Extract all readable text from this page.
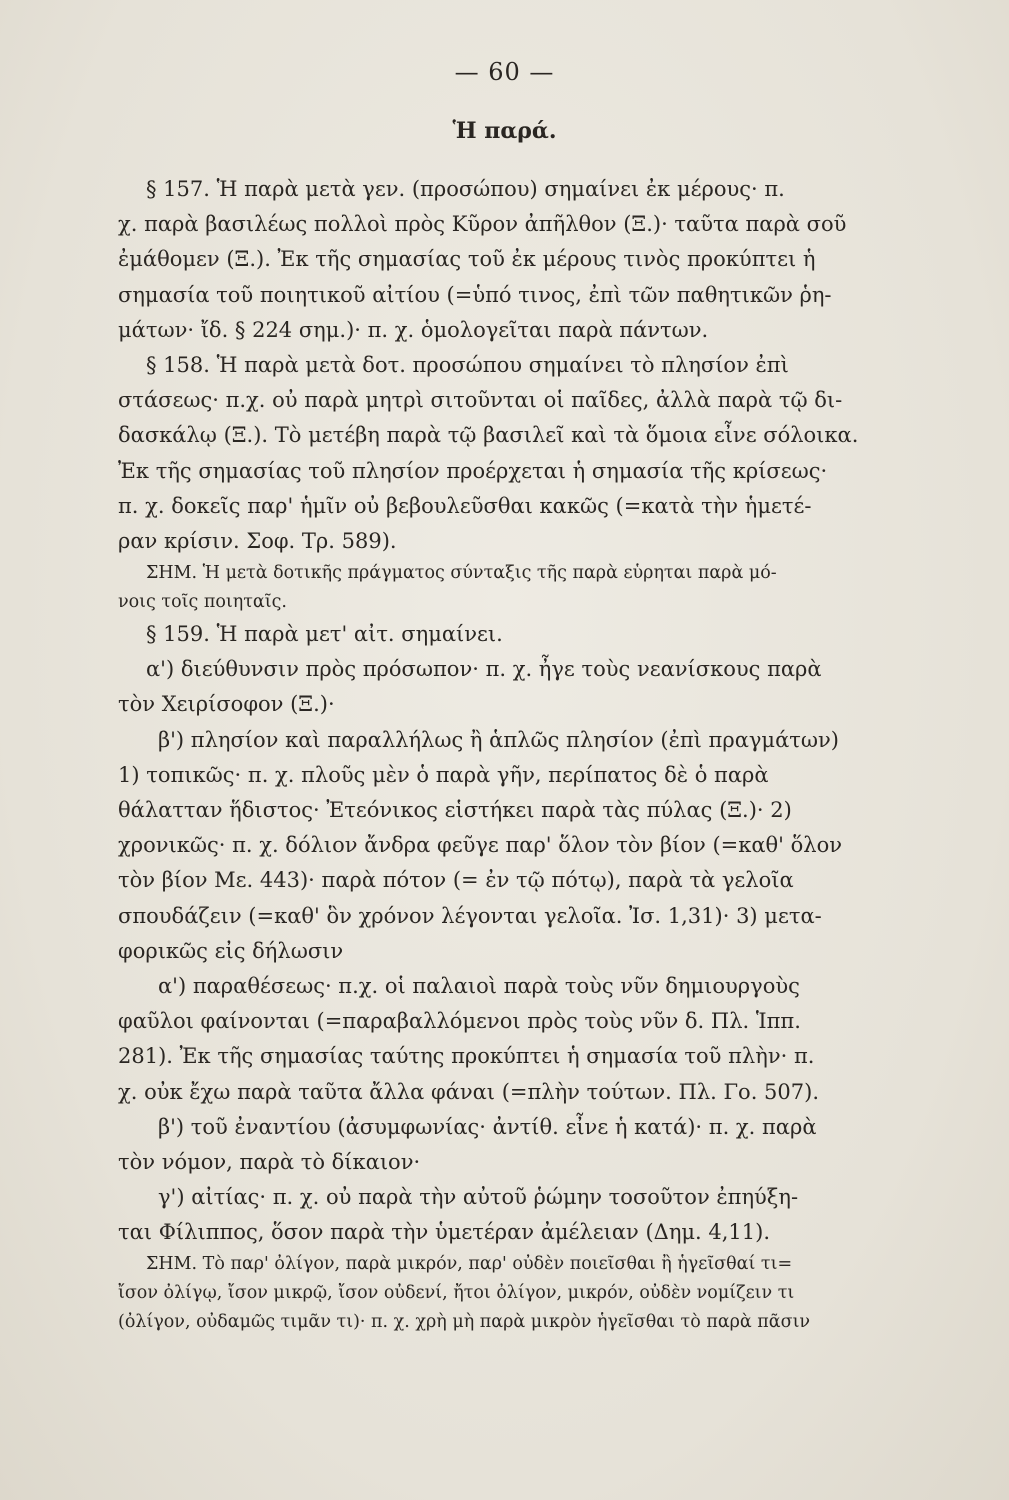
— 60 —
Ἡ παρά.
§ 157. Ἡ παρὰ μετὰ γεν. (προσώπου) σημαίνει ἐκ μέρους· π.
χ. παρὰ βασιλέως πολλοὶ πρὸς Κῦρον ἀπῆλθον (Ξ.)· ταῦτα παρὰ σοῦ
ἐμάθομεν (Ξ.). Ἐκ τῆς σημασίας τοῦ ἐκ μέρους τινὸς προκύπτει ἡ
σημασία τοῦ ποιητικοῦ αἰτίου (=ὑπό τινος, ἐπὶ τῶν παθητικῶν ῥη-
μάτων· ἴδ. § 224 σημ.)· π. χ. ὁμολογεῖται παρὰ πάντων.
§ 158. Ἡ παρὰ μετὰ δοτ. προσώπου σημαίνει τὸ πλησίον ἐπὶ
στάσεως· π.χ. οὐ παρὰ μητρὶ σιτοῦνται οἱ παῖδες, ἀλλὰ παρὰ τῷ δι-
δασκάλῳ (Ξ.). Τὸ μετέβη παρὰ τῷ βασιλεῖ καὶ τὰ ὅμοια εἶνε σόλοικα.
Ἐκ τῆς σημασίας τοῦ πλησίον προέρχεται ἡ σημασία τῆς κρίσεως·
π. χ. δοκεῖς παρ' ἡμῖν οὐ βεβουλεῦσθαι κακῶς (=κατὰ τὴν ἡμετέ-
ραν κρίσιν. Σοφ. Τρ. 589).
ΣΗΜ. Ἡ μετὰ δοτικῆς πράγματος σύνταξις τῆς παρὰ εὑρηται παρὰ μό-
νοις τοῖς ποιηταῖς.
§ 159. Ἡ παρὰ μετ' αἰτ. σημαίνει.
α') διεύθυνσιν πρὸς πρόσωπον· π. χ. ἦγε τοὺς νεανίσκους παρὰ
τὸν Χειρίσοφον (Ξ.)·
β') πλησίον καὶ παραλλήλως ἢ ἁπλῶς πλησίον (ἐπὶ πραγμάτων)
1) τοπικῶς· π. χ. πλοῦς μὲν ὁ παρὰ γῆν, περίπατος δὲ ὁ παρὰ
θάλατταν ἥδιστος· Ἐτεόνικος εἱστήκει παρὰ τὰς πύλας (Ξ.)· 2)
χρονικῶς· π. χ. δόλιον ἄνδρα φεῦγε παρ' ὅλον τὸν βίον (=καθ' ὅλον
τὸν βίον Με. 443)· παρὰ πότον (= ἐν τῷ πότῳ), παρὰ τὰ γελοῖα
σπουδάζειν (=καθ' ὃν χρόνον λέγονται γελοῖα. Ἰσ. 1,31)· 3) μετα-
φορικῶς εἰς δήλωσιν
α') παραθέσεως· π.χ. οἱ παλαιοὶ παρὰ τοὺς νῦν δημιουργοὺς
φαῦλοι φαίνονται (=παραβαλλόμενοι πρὸς τοὺς νῦν δ. Πλ. Ἱππ.
281). Ἐκ τῆς σημασίας ταύτης προκύπτει ἡ σημασία τοῦ πλὴν· π.
χ. οὐκ ἔχω παρὰ ταῦτα ἄλλα φάναι (=πλὴν τούτων. Πλ. Γο. 507).
β') τοῦ ἐναντίου (ἀσυμφωνίας· ἀντίθ. εἶνε ἡ κατά)· π. χ. παρὰ
τὸν νόμον, παρὰ τὸ δίκαιον·
γ') αἰτίας· π. χ. οὐ παρὰ τὴν αὐτοῦ ῥώμην τοσοῦτον ἐπηύξη-
ται Φίλιππος, ὅσον παρὰ τὴν ὑμετέραν ἀμέλειαν (Δημ. 4,11).
ΣΗΜ. Τὸ παρ' ὀλίγον, παρὰ μικρόν, παρ' οὐδὲν ποιεῖσθαι ἢ ἡγεῖσθαί τι=
ἴσον ὀλίγῳ, ἴσον μικρῷ, ἴσον οὐδενί, ἤτοι ὀλίγον, μικρόν, οὐδὲν νομίζειν τι
(ὀλίγον, οὐδαμῶς τιμᾶν τι)· π. χ. χρὴ μὴ παρὰ μικρὸν ἡγεῖσθαι τὸ παρὰ πᾶσιν
